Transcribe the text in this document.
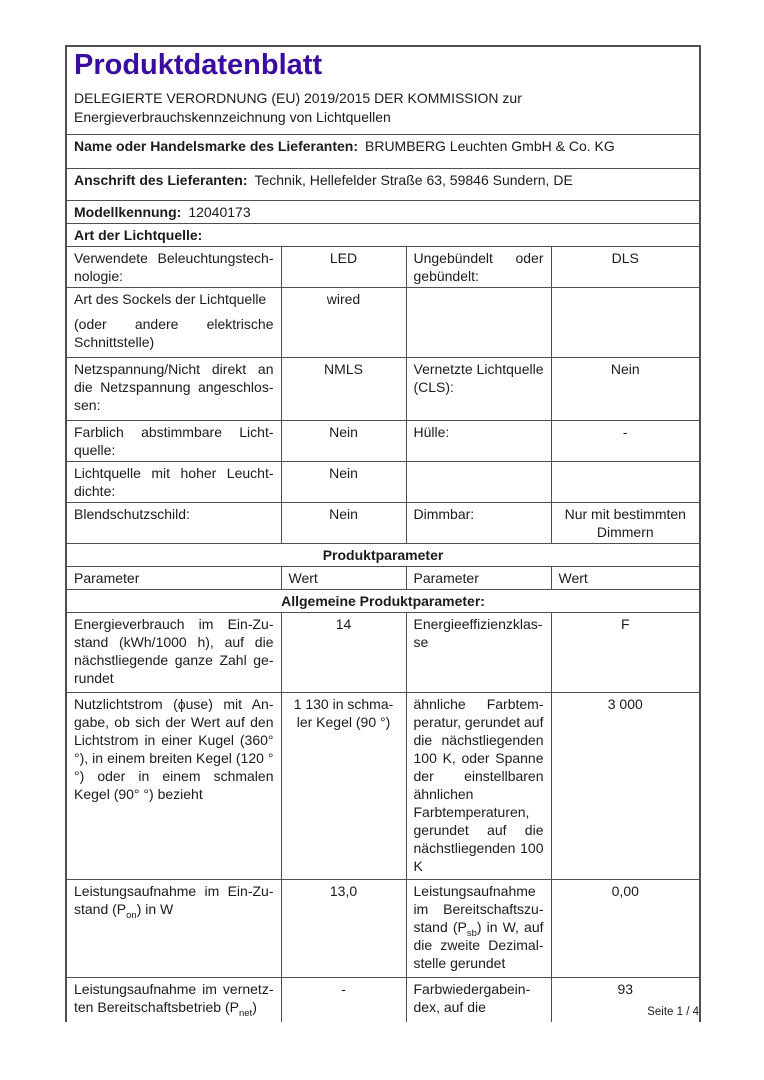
Produktdatenblatt
DELEGIERTE VERORDNUNG (EU) 2019/2015 DER KOMMISSION zur Energieverbrauchskennzeichnung von Lichtquellen			

Name oder Handelsmarke des Lieferanten: BRUMBERG Leuchten GmbH & Co. KG			
Anschrift des Lieferanten: Technik, Hellefelder Straße 63, 59846 Sundern, DE			
Modellkennung: 12040173			
Art der Lichtquelle:			
Verwendete Beleuchtungstechnologie:	LED	Ungebündelt oder gebündelt:	DLS

Art des Sockels der Lichtquelle
(oder andere elektrische Schnittstelle)	wired		
Netzspannung/Nicht direkt an die Netzspannung angeschlossen:	NMLS	Vernetzte Lichtquelle (CLS):	Nein
Farblich abstimmbare Lichtquelle:	Nein	Hülle:	-
Lichtquelle mit hoher Leuchtdichte:	Nein		
Blendschutzschild:	Nein	Dimmbar:	Nur mit bestimmten Dimmern
Produktparameter			
Parameter	Wert	Parameter	Wert
Allgemeine Produktparameter:			
Energieverbrauch im Ein-Zustand (kWh/1000 h), auf die nächstliegende ganze Zahl gerundet	14	Energieeffizienzklasse	F
Nutzlichtstrom (ϕuse) mit Angabe, ob sich der Wert auf den Lichtstrom in einer Kugel (360° °), in einem breiten Kegel (120 °°) oder in einem schmalen Kegel (90° °) bezieht	1 130 in schmaler Kegel (90 °)	ähnliche Farbtemperatur, gerundet auf die nächstliegenden 100 K, oder Spanne der einstellbaren ähnlichen Farbtemperaturen, gerundet auf die nächstliegenden 100 K	3 000
Leistungsaufnahme im Ein-Zustand $(P_{on})$ in W	13,0	Leistungsaufnahme im Bereitschaftszustand $(P_{sb})$ in W, auf die zweite Dezimalstelle gerundet	0,00
Leistungsaufnahme im vernetzten Bereitschaftsbetrieb $(P_{net})$	-	Farbwiedergabeindex, auf die	93
Seite 1 / 4
